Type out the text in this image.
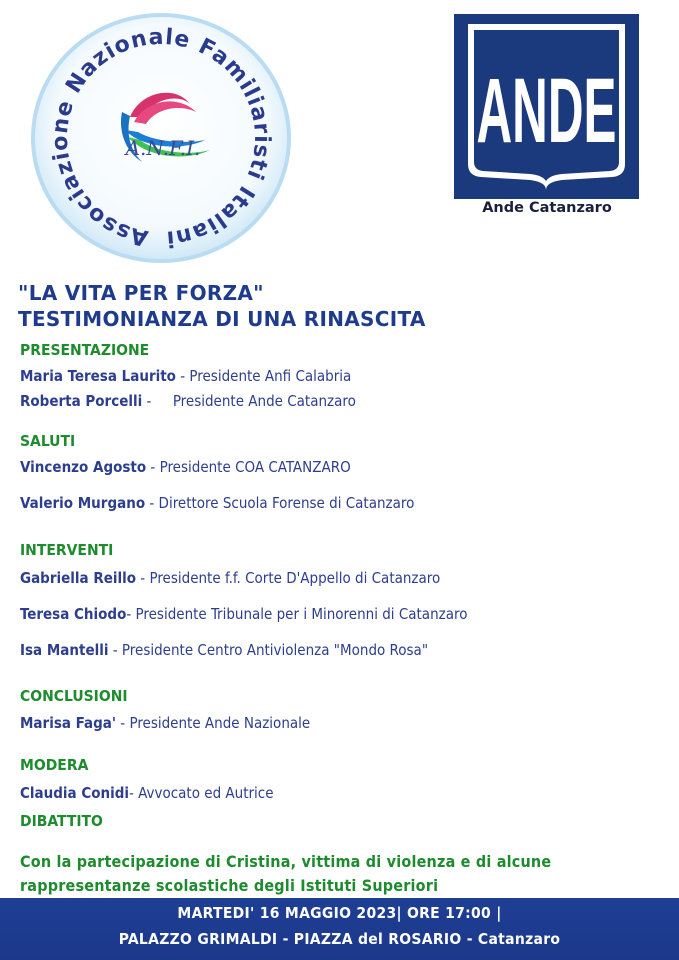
Associazione Nazionale Familiaristi Italiani
A.N.F.I.	ANDE
Ande Catanzaro
"LA VITA PER FORZA"
TESTIMONIANZA DI UNA RINASCITA
PRESENTAZIONE
Maria Teresa Laurito - Presidente Anfi Calabria
Roberta Porcelli -     Presidente Ande Catanzaro
SALUTI
Vincenzo Agosto - Presidente COA CATANZARO
Valerio Murgano - Direttore Scuola Forense di Catanzaro
INTERVENTI
Gabriella Reillo - Presidente f.f. Corte D'Appello di Catanzaro
Teresa Chiodo- Presidente Tribunale per i Minorenni di Catanzaro
Isa Mantelli - Presidente Centro Antiviolenza "Mondo Rosa"
CONCLUSIONI
Marisa Faga' - Presidente Ande Nazionale
MODERA
Claudia Conidi- Avvocato ed Autrice
DIBATTITO
Con la partecipazione di Cristina, vittima di violenza e di alcune
rappresentanze scolastiche degli Istituti Superiori
MARTEDI' 16 MAGGIO 2023| ORE 17:00 |
PALAZZO GRIMALDI - PIAZZA del ROSARIO - Catanzaro
